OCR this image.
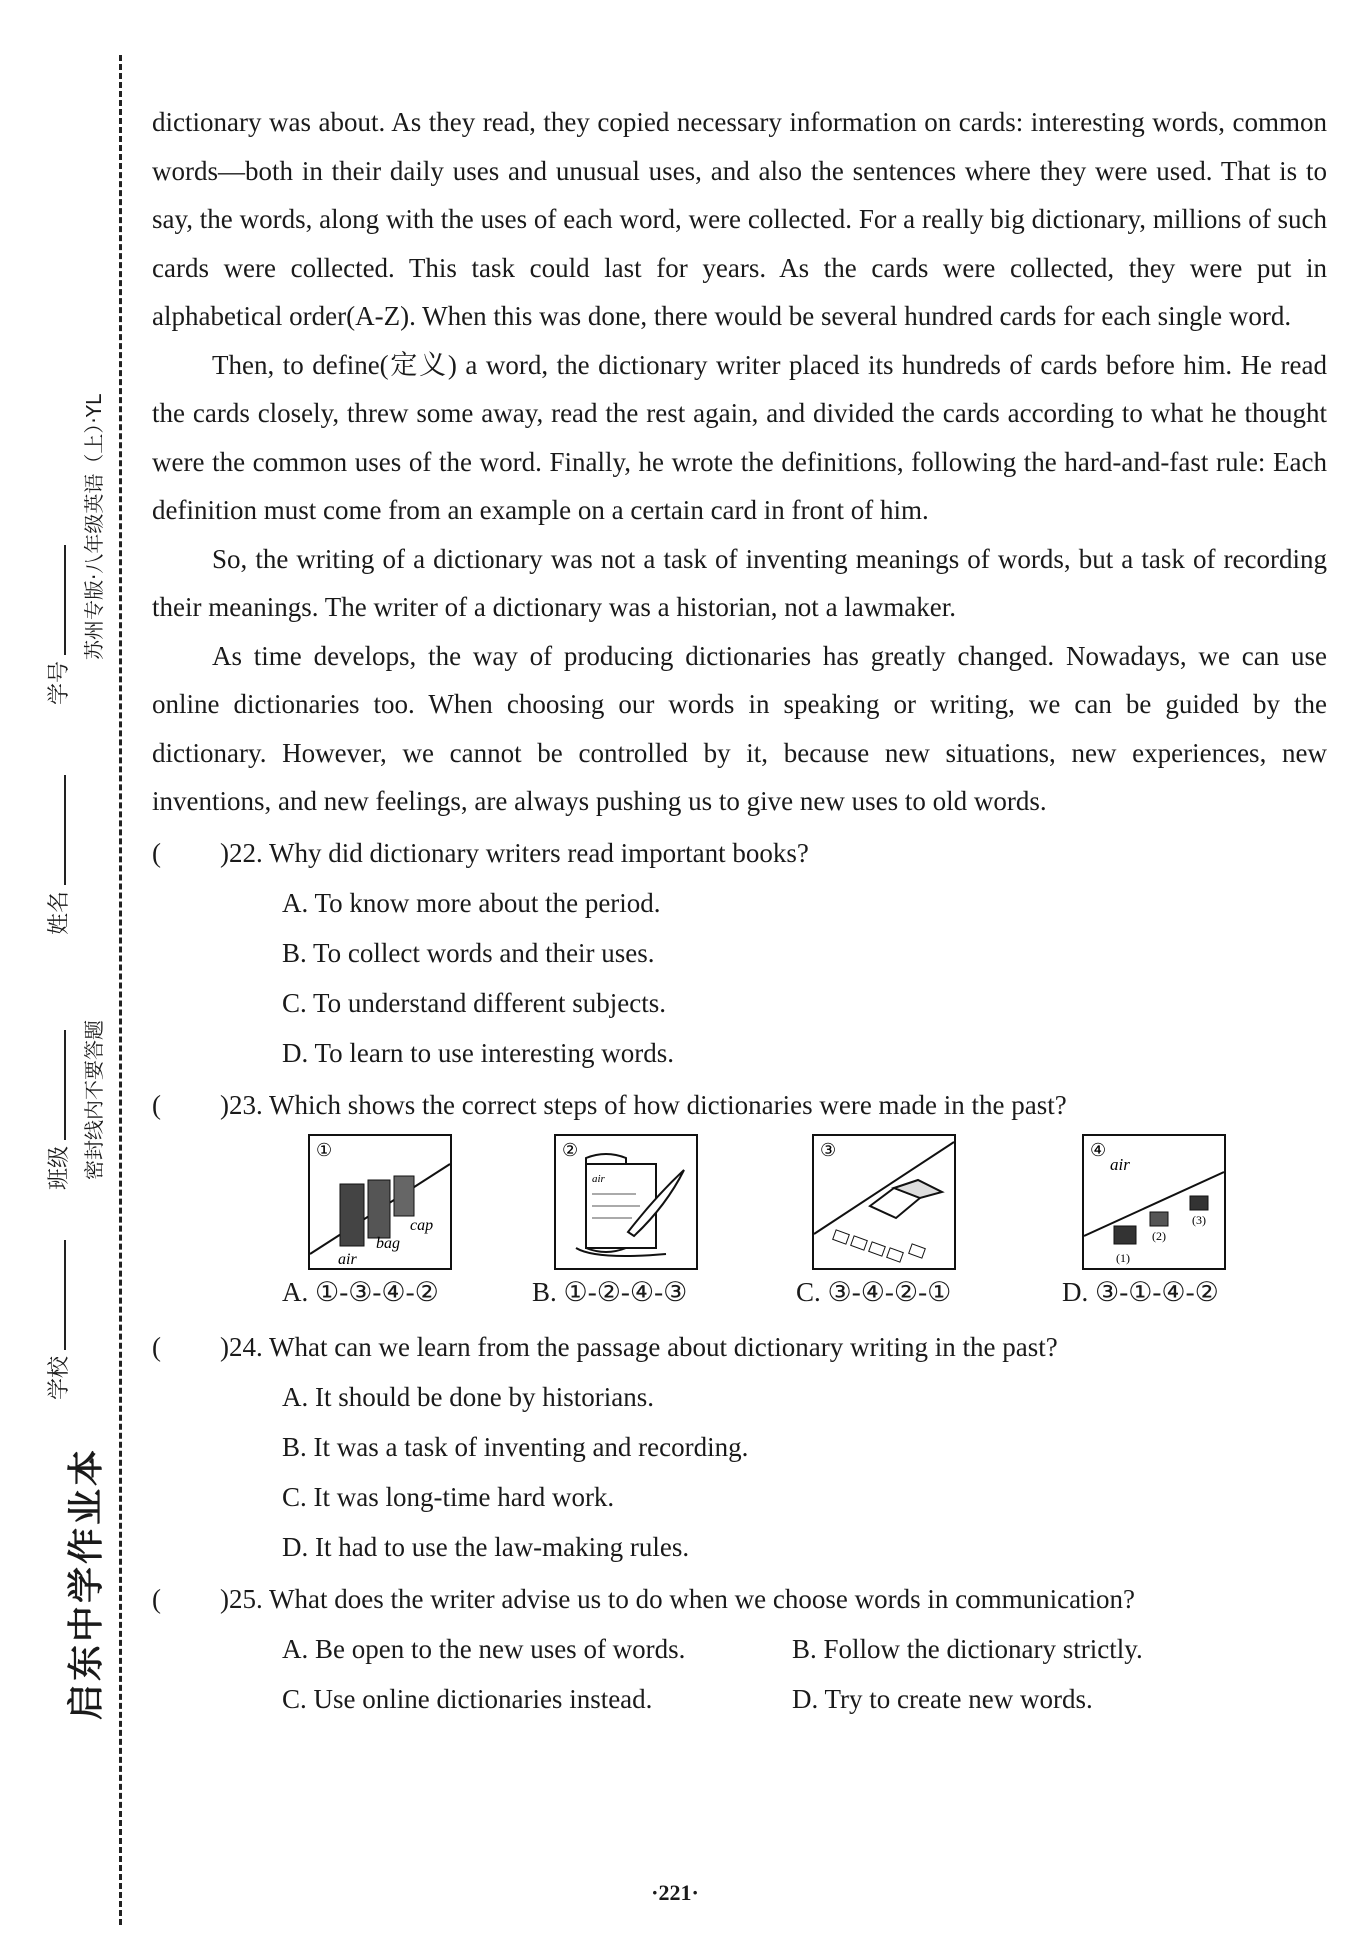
启东中学作业本
学校
班级
姓名
学号
密封线内不要答题
苏州专版·八年级英语（上）·YL

dictionary was about. As they read, they copied necessary information on cards: interesting words, common words—both in their daily uses and unusual uses, and also the sentences where they were used. That is to say, the words, along with the uses of each word, were collected. For a really big dictionary, millions of such cards were collected. This task could last for years. As the cards were collected, they were put in alphabetical order(A-Z). When this was done, there would be several hundred cards for each single word.

Then, to define(定义) a word, the dictionary writer placed its hundreds of cards before him. He read the cards closely, threw some away, read the rest again, and divided the cards according to what he thought were the common uses of the word. Finally, he wrote the definitions, following the hard-and-fast rule: Each definition must come from an example on a certain card in front of him.

So, the writing of a dictionary was not a task of inventing meanings of words, but a task of recording their meanings. The writer of a dictionary was a historian, not a lawmaker.

As time develops, the way of producing dictionaries has greatly changed. Nowadays, we can use online dictionaries too. When choosing our words in speaking or writing, we can be guided by the dictionary. However, we cannot be controlled by it, because new situations, new experiences, new inventions, and new feelings, are always pushing us to give new uses to old words.

( )22. Why did dictionary writers read important books?
A. To know more about the period.
B. To collect words and their uses.
C. To understand different subjects.
D. To learn to use interesting words.
( )23. Which shows the correct steps of how dictionaries were made in the past?
①
air
bag
cap
②
air
③	④
air
(1)
(2)
(3)
A. ①-③-④-②	B. ①-②-④-③	C. ③-④-②-①	D. ③-①-④-②
( )24. What can we learn from the passage about dictionary writing in the past?
A. It should be done by historians.
B. It was a task of inventing and recording.
C. It was long-time hard work.
D. It had to use the law-making rules.
( )25. What does the writer advise us to do when we choose words in communication?
A. Be open to the new uses of words.	B. Follow the dictionary strictly.
C. Use online dictionaries instead.	D. Try to create new words.
·221·
